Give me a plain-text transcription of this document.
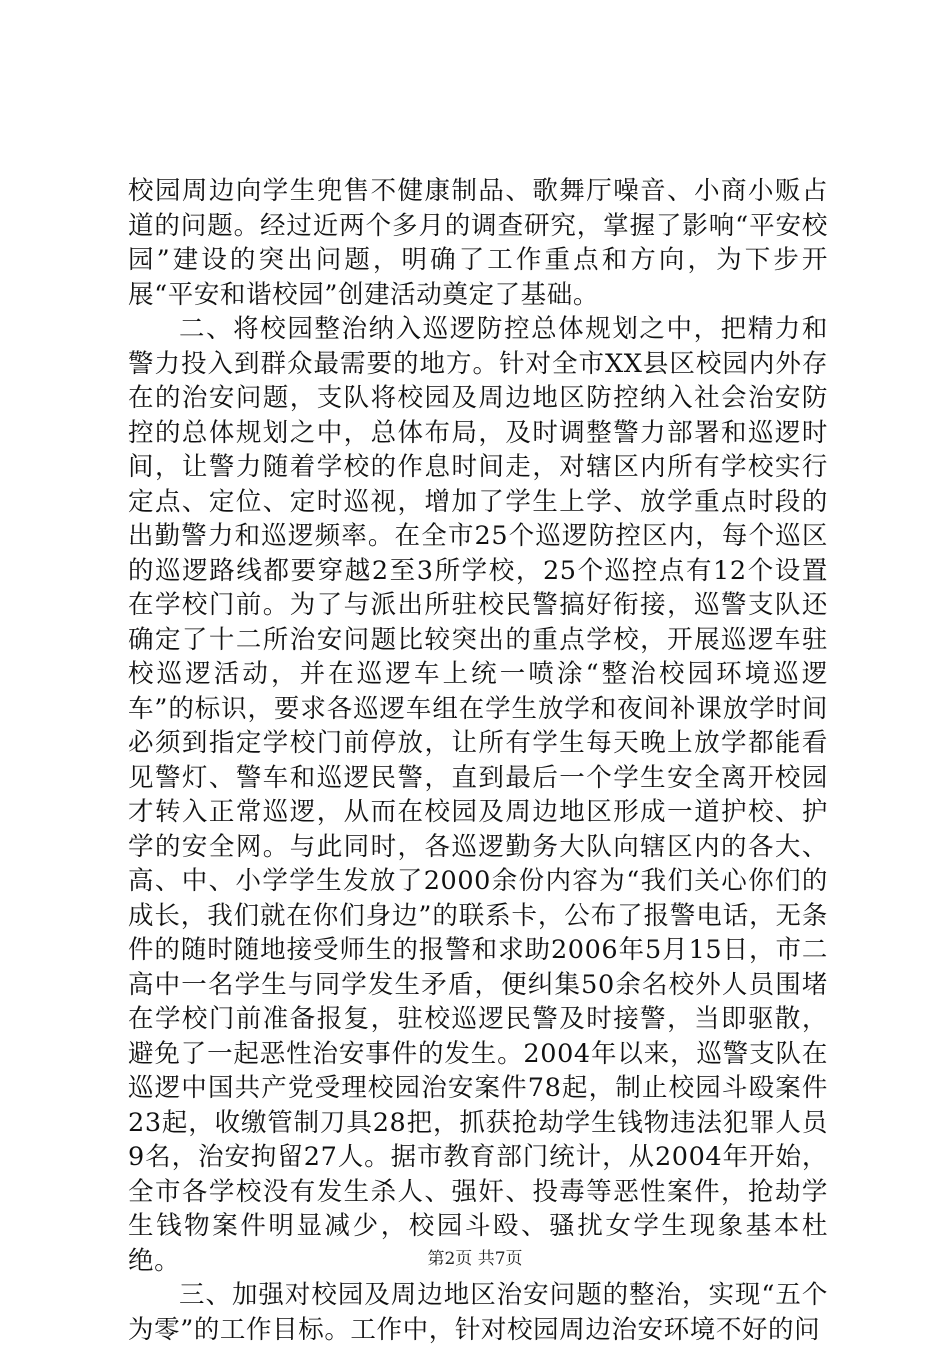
校园周边向学生兜售不健康制品、歌舞厅噪音、小商小贩占道的问题。经过近两个多月的调查研究，掌握了影响“平安校园”建设的突出问题，明确了工作重点和方向，为下步开展“平安和谐校园”创建活动奠定了基础。

二、将校园整治纳入巡逻防控总体规划之中，把精力和警力投入到群众最需要的地方。针对全市XX县区校园内外存在的治安问题，支队将校园及周边地区防控纳入社会治安防控的总体规划之中，总体布局，及时调整警力部署和巡逻时间，让警力随着学校的作息时间走，对辖区内所有学校实行定点、定位、定时巡视，增加了学生上学、放学重点时段的出勤警力和巡逻频率。在全市25个巡逻防控区内，每个巡区的巡逻路线都要穿越2至3所学校，25个巡控点有12个设置在学校门前。为了与派出所驻校民警搞好衔接，巡警支队还确定了十二所治安问题比较突出的重点学校，开展巡逻车驻校巡逻活动，并在巡逻车上统一喷涂“整治校园环境巡逻车”的标识，要求各巡逻车组在学生放学和夜间补课放学时间必须到指定学校门前停放，让所有学生每天晚上放学都能看见警灯、警车和巡逻民警，直到最后一个学生安全离开校园才转入正常巡逻，从而在校园及周边地区形成一道护校、护学的安全网。与此同时，各巡逻勤务大队向辖区内的各大、高、中、小学学生发放了2000余份内容为“我们关心你们的成长，我们就在你们身边”的联系卡，公布了报警电话，无条件的随时随地接受师生的报警和求助2006年5月15日，市二高中一名学生与同学发生矛盾，便纠集50余名校外人员围堵在学校门前准备报复，驻校巡逻民警及时接警，当即驱散，避免了一起恶性治安事件的发生。2004年以来，巡警支队在巡逻中国共产党受理校园治安案件78起，制止校园斗殴案件23起，收缴管制刀具28把，抓获抢劫学生钱物违法犯罪人员9名，治安拘留27人。据市教育部门统计，从2004年开始，全市各学校没有发生杀人、强奸、投毒等恶性案件，抢劫学生钱物案件明显减少，校园斗殴、骚扰女学生现象基本杜绝。

三、加强对校园及周边地区治安问题的整治，实现“五个为零”的工作目标。工作中，针对校园周边治安环境不好的问

第2页 共7页
